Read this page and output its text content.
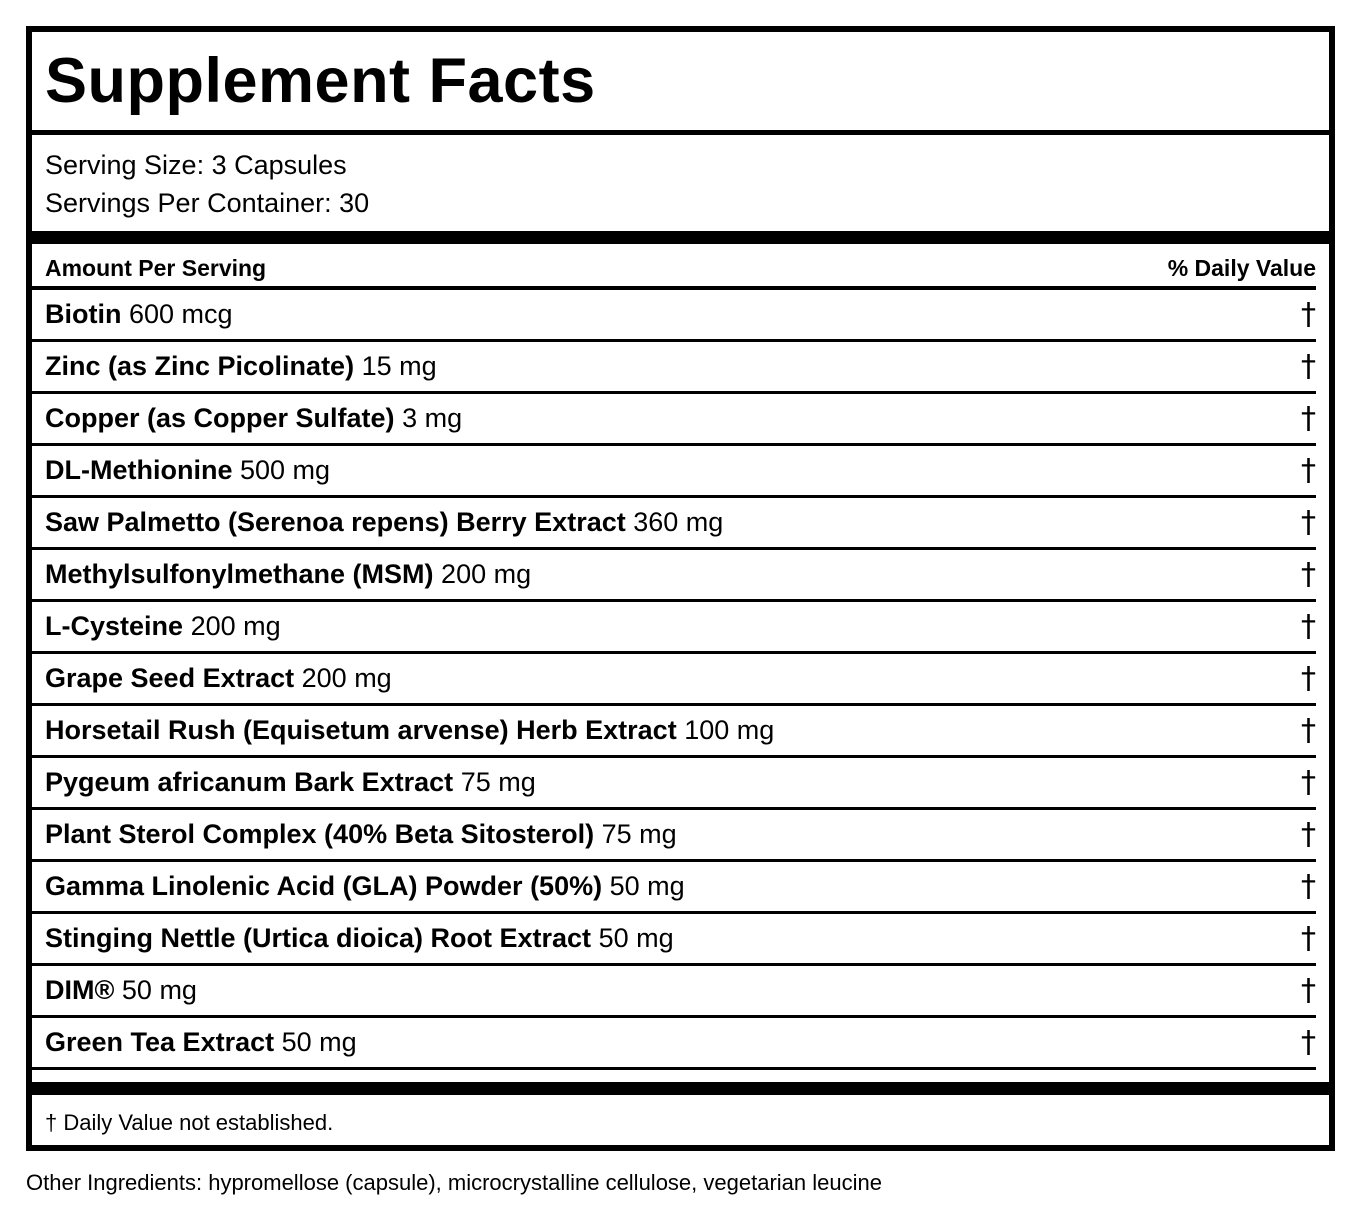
Supplement Facts
Serving Size: 3 Capsules
Servings Per Container: 30
Amount Per Serving	% Daily Value
Biotin 600 mcg	†
Zinc (as Zinc Picolinate) 15 mg	†
Copper (as Copper Sulfate) 3 mg	†
DL-Methionine 500 mg	†
Saw Palmetto (Serenoa repens) Berry Extract 360 mg	†
Methylsulfonylmethane (MSM) 200 mg	†
L-Cysteine 200 mg	†
Grape Seed Extract 200 mg	†
Horsetail Rush (Equisetum arvense) Herb Extract 100 mg	†
Pygeum africanum Bark Extract 75 mg	†
Plant Sterol Complex (40% Beta Sitosterol) 75 mg	†
Gamma Linolenic Acid (GLA) Powder (50%) 50 mg	†
Stinging Nettle (Urtica dioica) Root Extract 50 mg	†
DIM® 50 mg	†
Green Tea Extract 50 mg	†
† Daily Value not established.
Other Ingredients: hypromellose (capsule), microcrystalline cellulose, vegetarian leucine
